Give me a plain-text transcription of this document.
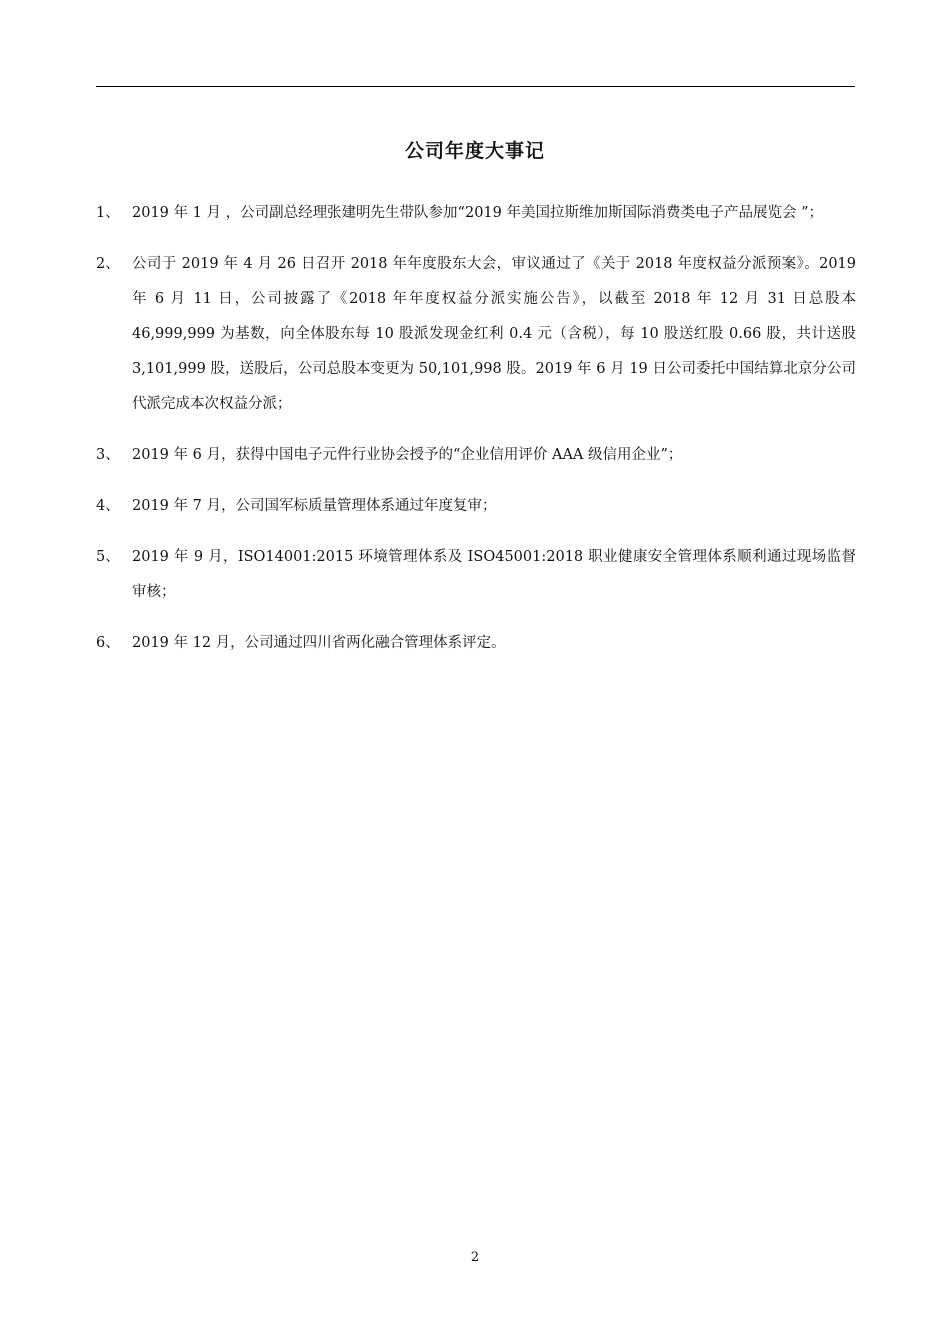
公司年度大事记
1、 2019 年 1 月 ，公司副总经理张建明先生带队参加“2019 年美国拉斯维加斯国际消费类电子产品展览会 ”；
2、 公司于 2019 年 4 月 26 日召开 2018 年年度股东大会，审议通过了《关于 2018 年度权益分派预案》。2019 年 6 月 11 日，公司披露了《2018 年年度权益分派实施公告》，以截至 2018 年 12 月 31 日总股本 46,999,999 为基数，向全体股东每 10 股派发现金红利 0.4 元（含税），每 10 股送红股 0.66 股，共计送股 3,101,999 股，送股后，公司总股本变更为 50,101,998 股。2019 年 6 月 19 日公司委托中国结算北京分公司代派完成本次权益分派；
3、 2019 年 6 月，获得中国电子元件行业协会授予的“企业信用评价 AAA 级信用企业”；
4、 2019 年 7 月，公司国军标质量管理体系通过年度复审；
5、 2019 年 9 月，ISO14001:2015 环境管理体系及 ISO45001:2018 职业健康安全管理体系顺利通过现场监督审核；
6、 2019 年 12 月，公司通过四川省两化融合管理体系评定。
2
